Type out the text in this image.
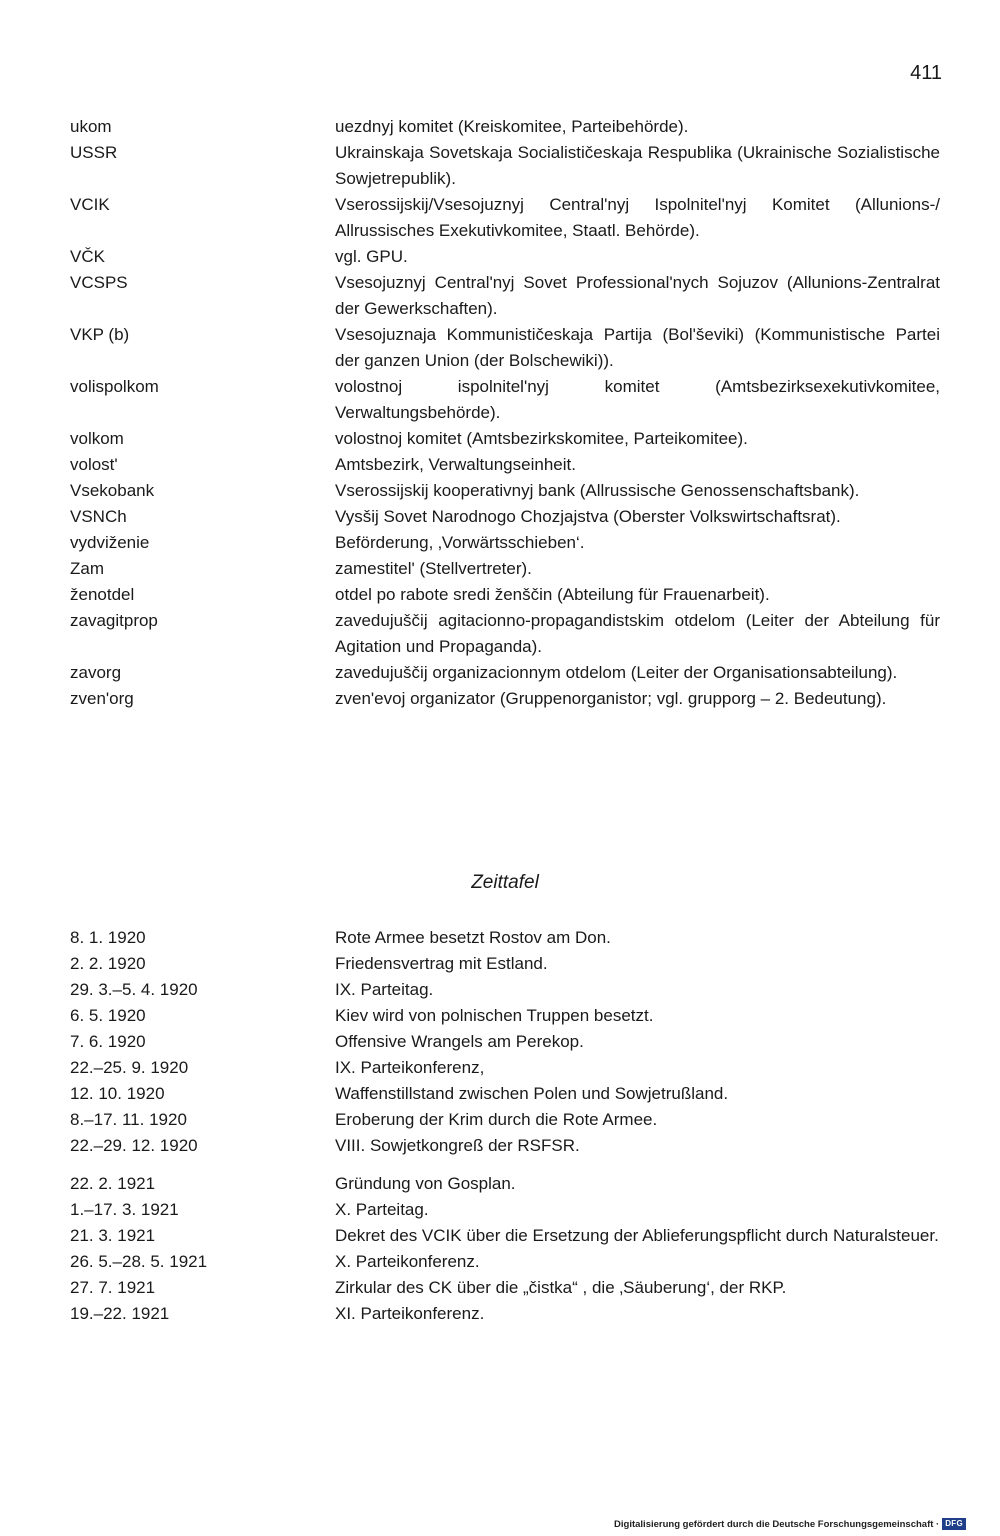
411
ukom	uezdnyj komitet (Kreiskomitee, Parteibehörde).
USSR	Ukrainskaja Sovetskaja Socialističeskaja Respublika (Ukrainische Sozialistische Sowjetrepublik).
VCIK	Vserossijskij/Vsesojuznyj Central'nyj Ispolnitel'nyj Komitet (Allunions-/ Allrussisches Exekutivkomitee, Staatl. Behörde).
VČK	vgl. GPU.
VCSPS	Vsesojuznyj Central'nyj Sovet Professional'nych Sojuzov (Allunions-Zentralrat der Gewerkschaften).
VKP (b)	Vsesojuznaja Kommunističeskaja Partija (Bol'ševiki) (Kommunistische Partei der ganzen Union (der Bolschewiki)).
volispolkom	volostnoj ispolnitel'nyj komitet (Amtsbezirksexekutivkomitee, Verwaltungsbehörde).
volkom	volostnoj komitet (Amtsbezirkskomitee, Parteikomitee).
volost'	Amtsbezirk, Verwaltungseinheit.
Vsekobank	Vserossijskij kooperativnyj bank (Allrussische Genossenschaftsbank).
VSNCh	Vysšij Sovet Narodnogo Chozjajstva (Oberster Volkswirtschaftsrat).
vydviženie	Beförderung, ‚Vorwärtsschieben‘.
Zam	zamestitel' (Stellvertreter).
ženotdel	otdel po rabote sredi ženščin (Abteilung für Frauenarbeit).
zavagitprop	zavedujuščij agitacionno-propagandistskim otdelom (Leiter der Abteilung für Agitation und Propaganda).
zavorg	zavedujuščij organizacionnym otdelom (Leiter der Organisationsabteilung).
zven'org	zven'evoj organizator (Gruppenorganistor; vgl. grupporg – 2. Bedeutung).
Zeittafel
8. 1. 1920	Rote Armee besetzt Rostov am Don.
2. 2. 1920	Friedensvertrag mit Estland.
29. 3.–5. 4. 1920	IX. Parteitag.
6. 5. 1920	Kiev wird von polnischen Truppen besetzt.
7. 6. 1920	Offensive Wrangels am Perekop.
22.–25. 9. 1920	IX. Parteikonferenz,
12. 10. 1920	Waffenstillstand zwischen Polen und Sowjetrußland.
8.–17. 11. 1920	Eroberung der Krim durch die Rote Armee.
22.–29. 12. 1920	VIII. Sowjetkongreß der RSFSR.
22. 2. 1921	Gründung von Gosplan.
1.–17. 3. 1921	X. Parteitag.
21. 3. 1921	Dekret des VCIK über die Ersetzung der Ablieferungspflicht durch Naturalsteuer.
26. 5.–28. 5. 1921	X. Parteikonferenz.
27. 7. 1921	Zirkular des CK über die „čistka“ , die ‚Säuberung‘, der RKP.
19.–22. 1921	XI. Parteikonferenz.
Digitalisierung gefördert durch die Deutsche Forschungsgemeinschaft · DFG
